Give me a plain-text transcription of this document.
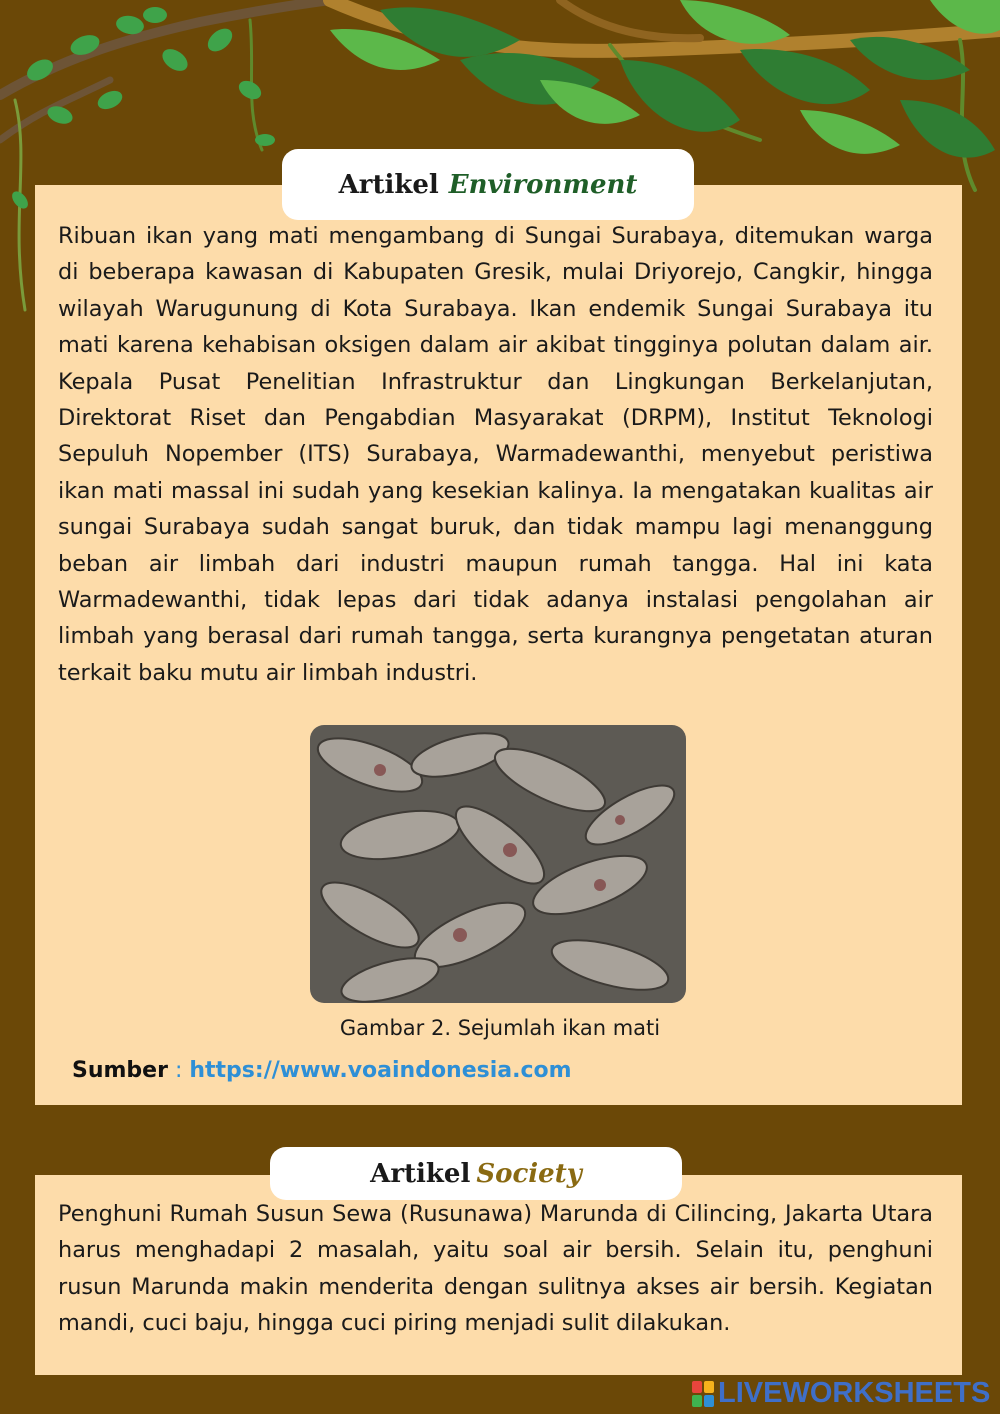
Artikel Environment

Ribuan ikan yang mati mengambang di Sungai Surabaya, ditemukan warga di beberapa kawasan di Kabupaten Gresik, mulai Driyorejo, Cangkir, hingga wilayah Warugunung di Kota Surabaya. Ikan endemik Sungai Surabaya itu mati karena kehabisan oksigen dalam air akibat tingginya polutan dalam air. Kepala Pusat Penelitian Infrastruktur dan Lingkungan Berkelanjutan, Direktorat Riset dan Pengabdian Masyarakat (DRPM), Institut Teknologi Sepuluh Nopember (ITS) Surabaya, Warmadewanthi, menyebut peristiwa ikan mati massal ini sudah yang kesekian kalinya. Ia mengatakan kualitas air sungai Surabaya sudah sangat buruk, dan tidak mampu lagi menanggung beban air limbah dari industri maupun rumah tangga. Hal ini kata Warmadewanthi, tidak lepas dari tidak adanya instalasi pengolahan air limbah yang berasal dari rumah tangga, serta kurangnya pengetatan aturan terkait baku mutu air limbah industri.

Gambar 2. Sejumlah ikan mati
Sumber : https://www.voaindonesia.com
Artikel Society

Penghuni Rumah Susun Sewa (Rusunawa) Marunda di Cilincing, Jakarta Utara harus menghadapi 2 masalah, yaitu soal air bersih. Selain itu, penghuni rusun Marunda makin menderita dengan sulitnya akses air bersih. Kegiatan mandi, cuci baju, hingga cuci piring menjadi sulit dilakukan.

LIVEWORKSHEETS
